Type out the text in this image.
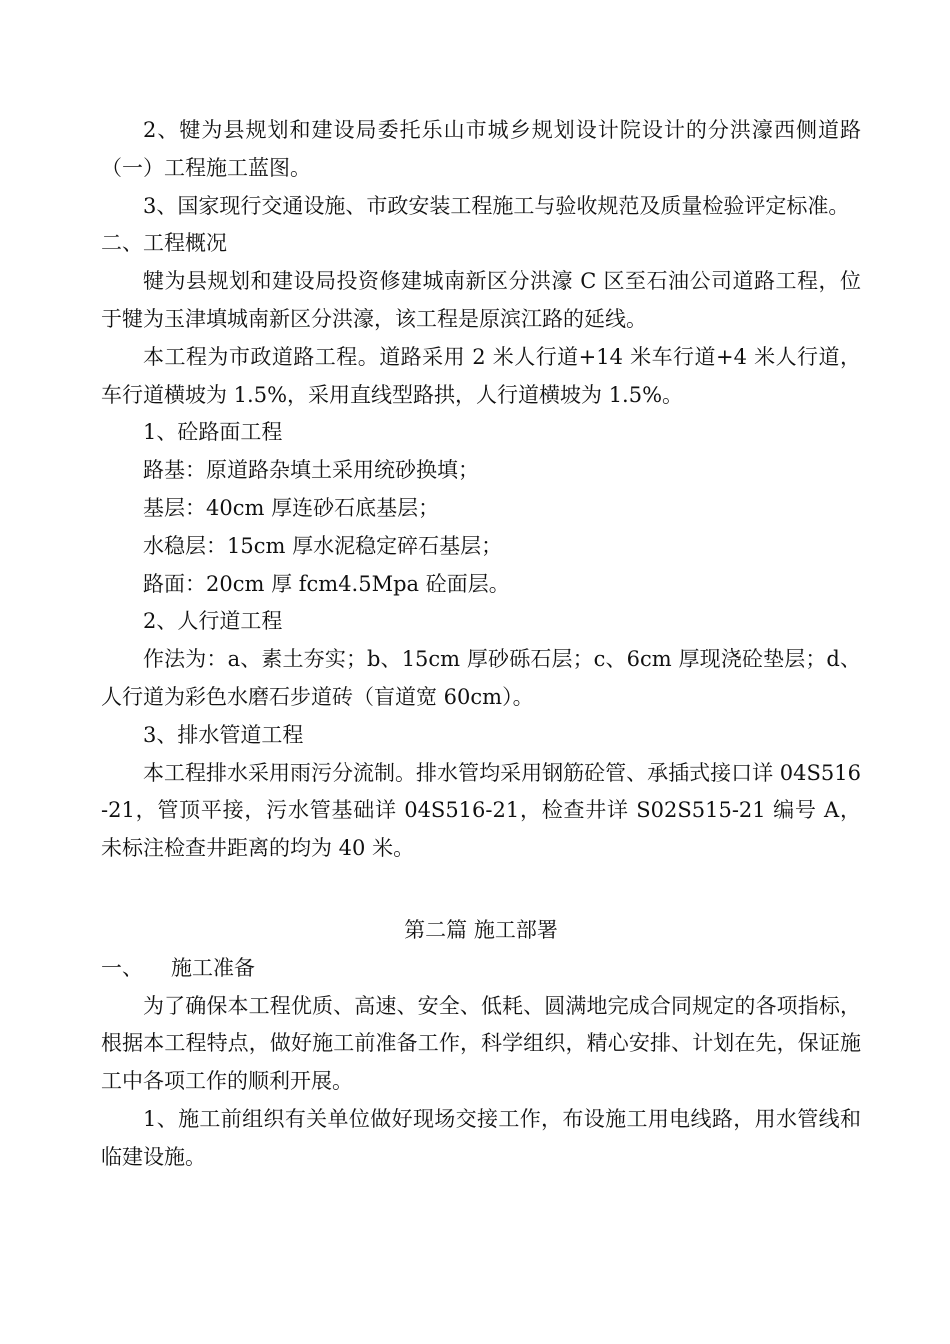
2、犍为县规划和建设局委托乐山市城乡规划设计院设计的分洪濠西侧道路（一）工程施工蓝图。

3、国家现行交通设施、市政安装工程施工与验收规范及质量检验评定标准。

二、工程概况

犍为县规划和建设局投资修建城南新区分洪濠 C 区至石油公司道路工程，位于犍为玉津填城南新区分洪濠，该工程是原滨江路的延线。

本工程为市政道路工程。道路采用 2 米人行道+14 米车行道+4 米人行道，车行道横坡为 1.5%，采用直线型路拱，人行道横坡为 1.5%。

1、砼路面工程

路基：原道路杂填土采用统砂换填；

基层：40cm 厚连砂石底基层；

水稳层：15cm 厚水泥稳定碎石基层；

路面：20cm 厚 fcm4.5Mpa 砼面层。

2、人行道工程

作法为：a、素土夯实；b、15cm 厚砂砾石层；c、6cm 厚现浇砼垫层；d、人行道为彩色水磨石步道砖（盲道宽 60cm）。

3、排水管道工程

本工程排水采用雨污分流制。排水管均采用钢筋砼管、承插式接口详 04S516-21，管顶平接，污水管基础详 04S516-21，检查井详 S02S515-21 编号 A，未标注检查井距离的均为 40 米。

第二篇 施工部署

一、 施工准备

为了确保本工程优质、高速、安全、低耗、圆满地完成合同规定的各项指标，根据本工程特点，做好施工前准备工作，科学组织，精心安排、计划在先，保证施工中各项工作的顺利开展。

1、施工前组织有关单位做好现场交接工作，布设施工用电线路，用水管线和临建设施。
